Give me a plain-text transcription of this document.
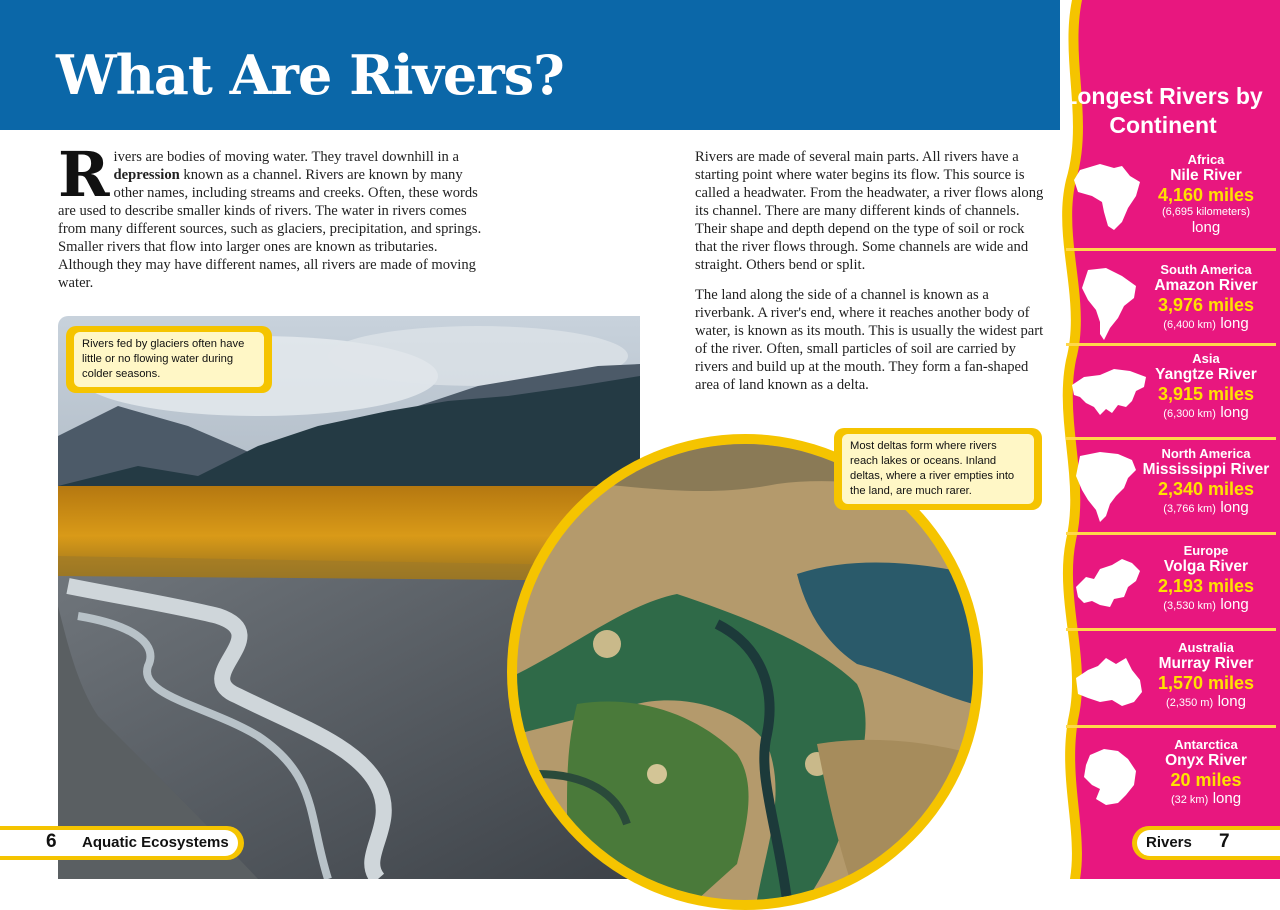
What Are Rivers?

Rivers are bodies of moving water. They travel downhill in a depression known as a channel. Rivers are known by many other names, including streams and creeks. Often, these words are used to describe smaller kinds of rivers. The water in rivers comes from many different sources, such as glaciers, precipitation, and springs. Smaller rivers that flow into larger ones are known as tributaries. Although they may have different names, all rivers are made of moving water.

Rivers are made of several main parts. All rivers have a starting point where water begins its flow. This source is called a headwater. From the headwater, a river flows along its channel. There are many different kinds of channels. Their shape and depth depend on the type of soil or rock that the river flows through. Some channels are wide and straight. Others bend or split.

The land along the side of a channel is known as a riverbank. A river's end, where it reaches another body of water, is known as its mouth. This is usually the widest part of the river. Often, small particles of soil are carried by rivers and build up at the mouth. They form a fan-shaped area of land known as a delta.

Rivers fed by glaciers often have little or no flowing water during colder seasons.
Most deltas form where rivers reach lakes or oceans. Inland deltas, where a river empties into the land, are much rarer.
Longest Rivers by Continent
Africa
Nile River
4,160 miles
(6,695 kilometers)
long
South America
Amazon River
3,976 miles
(6,400 km) long
Asia
Yangtze River
3,915 miles
(6,300 km) long
North America
Mississippi River
2,340 miles
(3,766 km) long
Europe
Volga River
2,193 miles
(3,530 km) long
Australia
Murray River
1,570 miles
(2,350 m) long
Antarctica
Onyx River
20 miles
(32 km) long
6 Aquatic Ecosystems	Rivers 7
